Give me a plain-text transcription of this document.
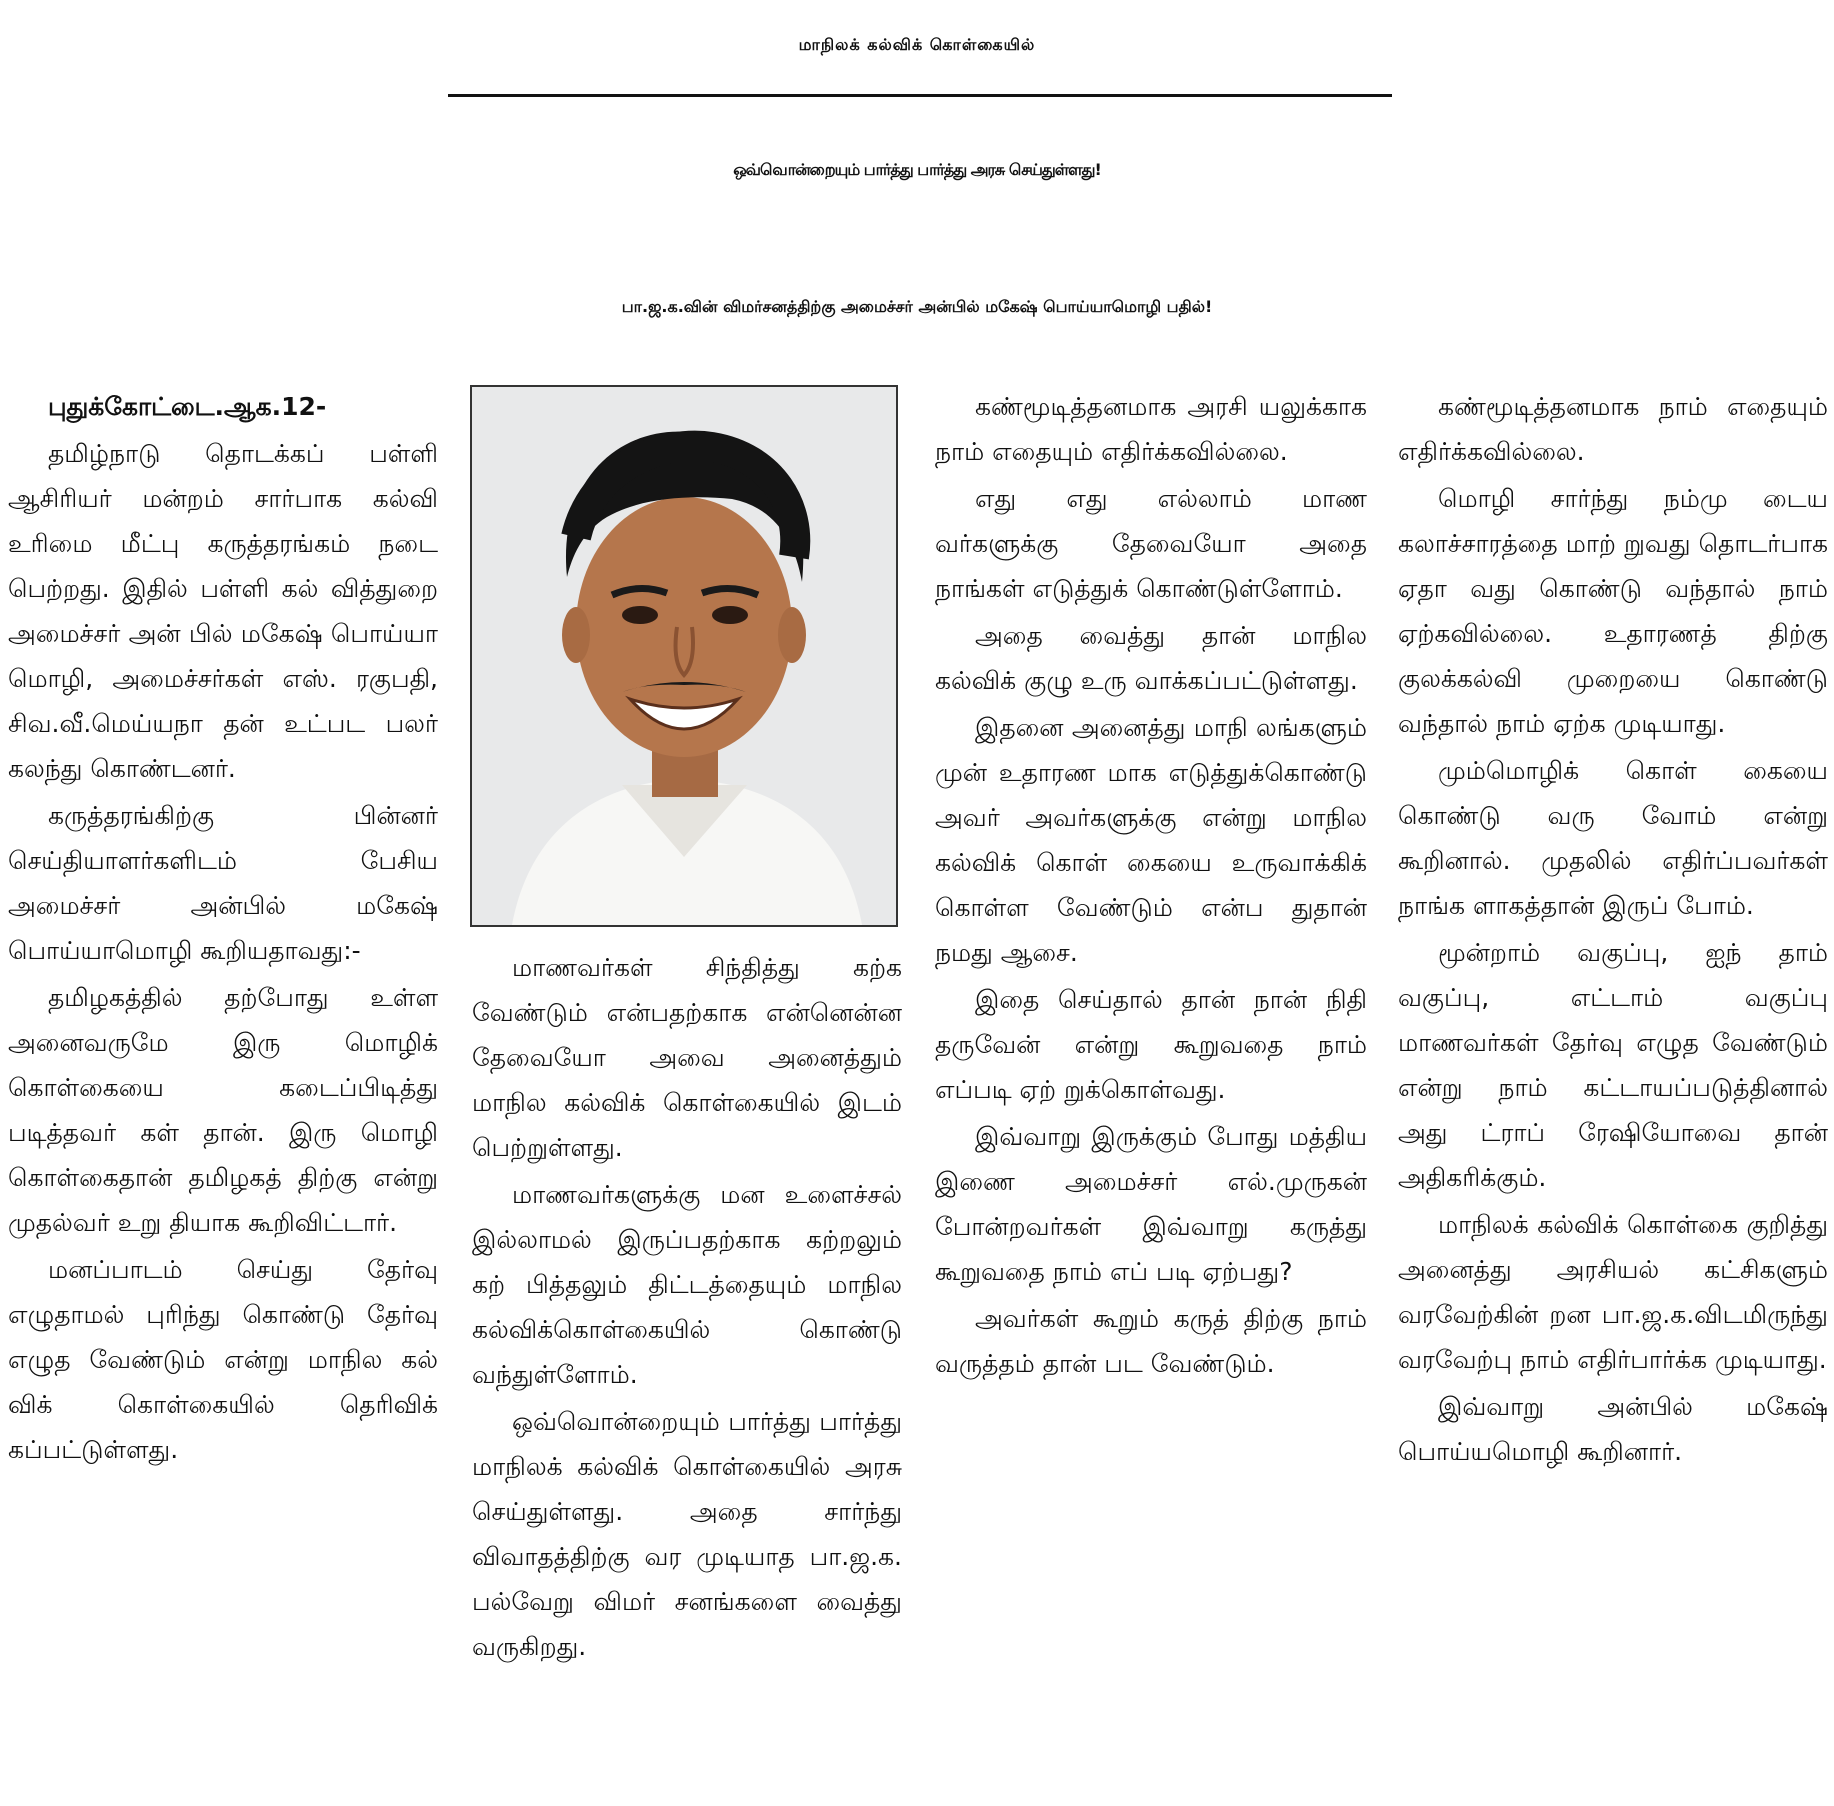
மாநிலக் கல்விக் கொள்கையில்
ஒவ்வொன்றையும் பார்த்து பார்த்து அரசு செய்துள்ளது!
பா.ஜ.க.வின் விமர்சனத்திற்கு அமைச்சர் அன்பில் மகேஷ் பொய்யாமொழி பதில்!

புதுக்கோட்டை.ஆக.12-

தமிழ்நாடு தொடக்கப் பள்ளி ஆசிரியர் மன்றம் சார்பாக கல்வி உரிமை மீட்பு கருத்தரங்கம் நடை பெற்றது. இதில் பள்ளி கல் வித்துறை அமைச்சர் அன் பில் மகேஷ் பொய்யா மொழி, அமைச்சர்கள் எஸ். ரகுபதி, சிவ.வீ.மெய்யநா தன் உட்பட பலர் கலந்து கொண்டனர்.

கருத்தரங்கிற்கு பின்னர் செய்தியாளர்களிடம் பேசிய அமைச்சர் அன்பில் மகேஷ் பொய்யாமொழி கூறியதாவது:-

தமிழகத்தில் தற்போது உள்ள அனைவருமே இரு மொழிக் கொள்கையை கடைப்பிடித்து படித்தவர் கள் தான். இரு மொழி கொள்கைதான் தமிழகத் திற்கு என்று முதல்வர் உறு தியாக கூறிவிட்டார்.

மனப்பாடம் செய்து தேர்வு எழுதாமல் புரிந்து கொண்டு தேர்வு எழுத வேண்டும் என்று மாநில கல் விக் கொள்கையில் தெரிவிக் கப்பட்டுள்ளது.

மாணவர்கள் சிந்தித்து கற்க வேண்டும் என்பதற்காக என்னென்ன தேவையோ அவை அனைத்தும் மாநில கல்விக் கொள்கையில் இடம் பெற்றுள்ளது.

மாணவர்களுக்கு மன உளைச்சல் இல்லாமல் இருப்பதற்காக கற்றலும் கற் பித்தலும் திட்டத்தையும் மாநில கல்விக்கொள்கையில் கொண்டு வந்துள்ளோம்.

ஒவ்வொன்றையும் பார்த்து பார்த்து மாநிலக் கல்விக் கொள்கையில் அரசு செய்துள்ளது. அதை சார்ந்து விவாதத்திற்கு வர முடியாத பா.ஜ.க. பல்வேறு விமர் சனங்களை வைத்து வருகிறது.

கண்மூடித்தனமாக அரசி யலுக்காக நாம் எதையும் எதிர்க்கவில்லை.

எது எது எல்லாம் மாண வர்களுக்கு தேவையோ அதை நாங்கள் எடுத்துக் கொண்டுள்ளோம்.

அதை வைத்து தான் மாநில கல்விக் குழு உரு வாக்கப்பட்டுள்ளது.

இதனை அனைத்து மாநி லங்களும் முன் உதாரண மாக எடுத்துக்கொண்டு அவர் அவர்களுக்கு என்று மாநில கல்விக் கொள் கையை உருவாக்கிக் கொள்ள வேண்டும் என்ப துதான் நமது ஆசை.

இதை செய்தால் தான் நான் நிதி தருவேன் என்று கூறுவதை நாம் எப்படி ஏற் றுக்கொள்வது.

இவ்வாறு இருக்கும் போது மத்திய இணை அமைச்சர் எல்.முருகன் போன்றவர்கள் இவ்வாறு கருத்து கூறுவதை நாம் எப் படி ஏற்பது?

அவர்கள் கூறும் கருத் திற்கு நாம் வருத்தம் தான் பட வேண்டும்.

கண்மூடித்தனமாக நாம் எதையும் எதிர்க்கவில்லை.

மொழி சார்ந்து நம்மு டைய கலாச்சாரத்தை மாற் றுவது தொடர்பாக ஏதா வது கொண்டு வந்தால் நாம் ஏற்கவில்லை. உதாரணத் திற்கு குலக்கல்வி முறையை கொண்டு வந்தால் நாம் ஏற்க முடியாது.

மும்மொழிக் கொள் கையை கொண்டு வரு வோம் என்று கூறினால். முதலில் எதிர்ப்பவர்கள் நாங்க ளாகத்தான் இருப் போம்.

மூன்றாம் வகுப்பு, ஐந் தாம் வகுப்பு, எட்டாம் வகுப்பு மாணவர்கள் தேர்வு எழுத வேண்டும் என்று நாம் கட்டாயப்படுத்தினால் அது ட்ராப் ரேஷியோவை தான் அதிகரிக்கும்.

மாநிலக் கல்விக் கொள்கை குறித்து அனைத்து அரசியல் கட்சிகளும் வரவேற்கின் றன பா.ஜ.க.விடமிருந்து வரவேற்பு நாம் எதிர்பார்க்க முடியாது.

இவ்வாறு அன்பில் மகேஷ் பொய்யமொழி கூறினார்.
